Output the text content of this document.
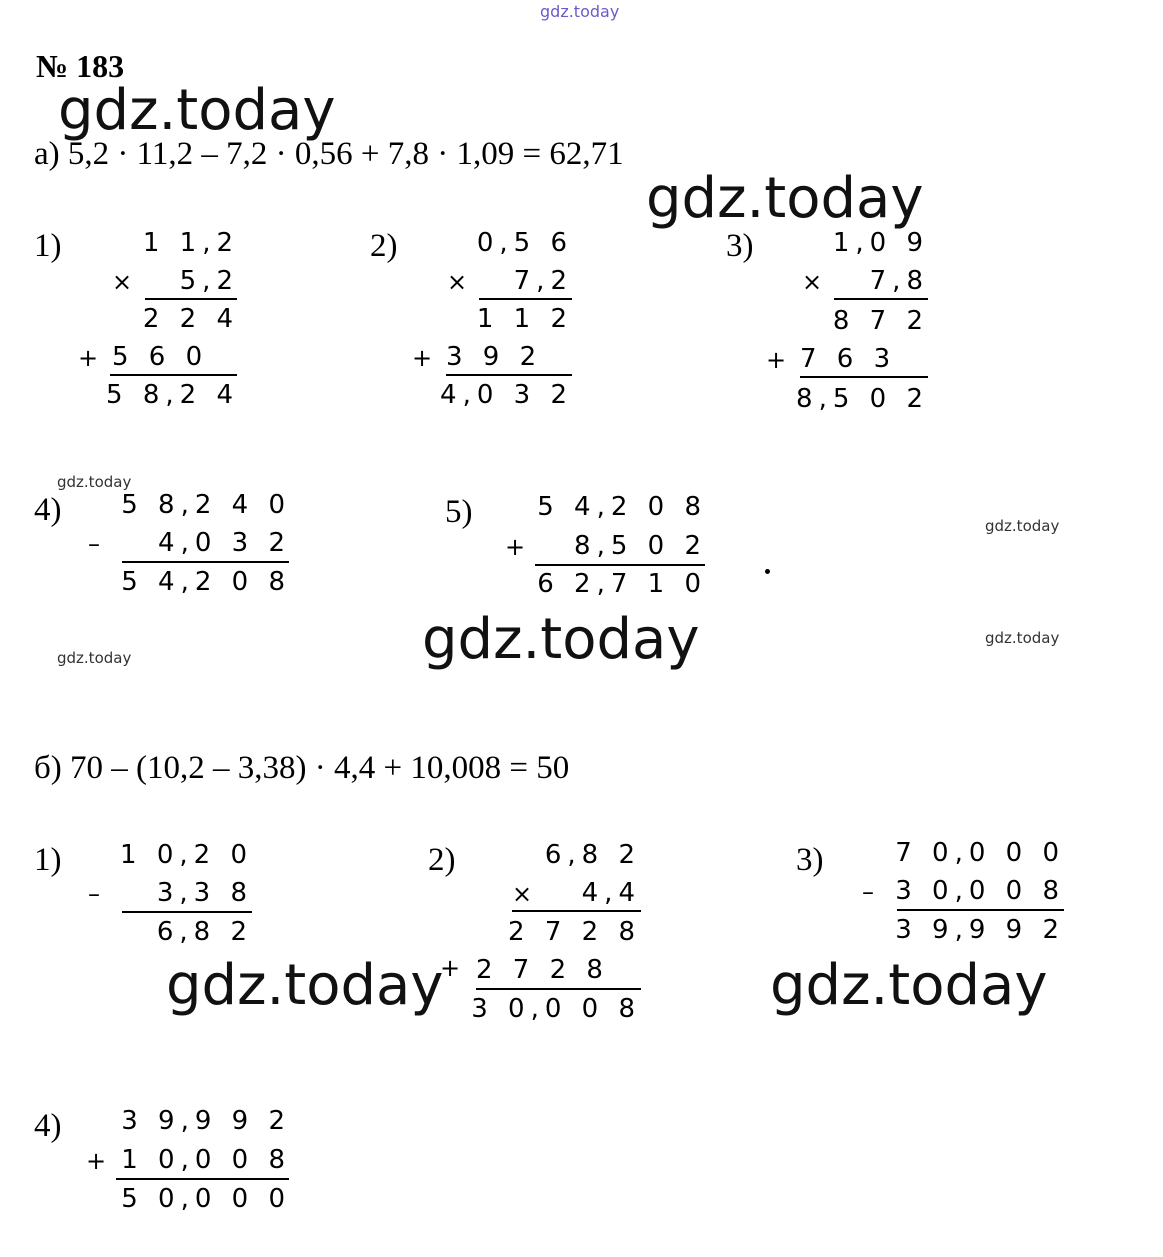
gdz.today
gdz.today
gdz.today
gdz.today
gdz.today
gdz.today	gdz.today
gdz.today
gdz.today	gdz.today
№ 183
а) 5,2 · 11,2 – 7,2 · 0,56 + 7,8 · 1,09 = 62,71
1)	1 1,2
× 5,2
2 2 4
+ 5 6 0
5 8,2 4
2)	0,5 6
× 7,2
1 1 2
+ 3 9 2
4,0 3 2
3)	1,0 9
× 7,8
8 7 2
+ 7 6 3
8,5 0 2
4) 5 8,2 4 0
– 4,0 3 2
5 4,2 0 8
5) 5 4,2 0 8
+ 8,5 0 2
6 2,7 1 0
б) 70 – (10,2 – 3,38) · 4,4 + 10,008 = 50
1) 1 0,2 0
– 3,3 8
6,8 2
2)	6,8 2
× 4,4
2 7 2 8
+ 2 7 2 8
3 0,0 0 8
3)	7 0,0 0 0
– 3 0,0 0 8
3 9,9 9 2
4) 3 9,9 9 2
+ 1 0,0 0 8
5 0,0 0 0
